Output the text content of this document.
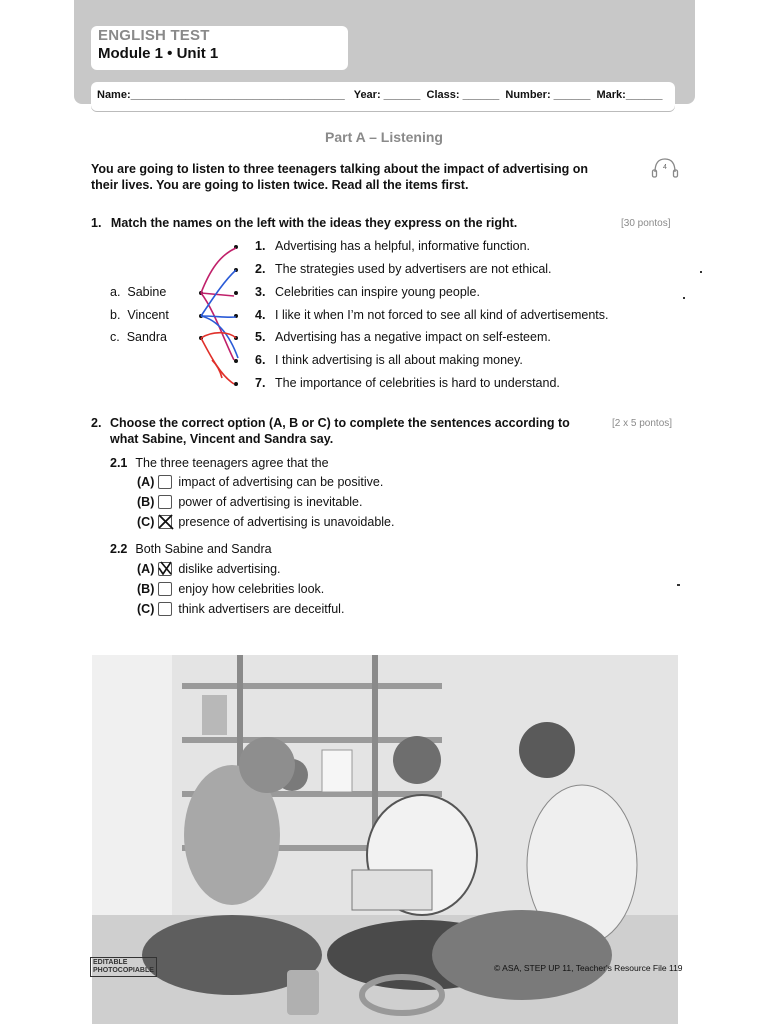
ENGLISH TEST
Module 1 • Unit 1
Name:___________________________________   Year: ______  Class: ______  Number: ______  Mark:______
Part A – Listening
You are going to listen to three teenagers talking about the impact of advertising on their lives. You are going to listen twice. Read all the items first.
4
1. Match the names on the left with the ideas they express on the right.	[30 pontos]
a. Sabine
b. Vincent
c. Sandra
1. Advertising has a helpful, informative function.
2. The strategies used by advertisers are not ethical.
3. Celebrities can inspire young people.
4. I like it when I’m not forced to see all kind of advertisements.
5. Advertising has a negative impact on self-esteem.
6. I think advertising is all about making money.
7. The importance of celebrities is hard to understand.
2. Choose the correct option (A, B or C) to complete the sentences according to what Sabine, Vincent and Sandra say.
[2 x 5 pontos]
2.1 The three teenagers agree that the
(A) impact of advertising can be positive.
(B) power of advertising is inevitable.
(C) presence of advertising is unavoidable.
2.2 Both Sabine and Sandra
(A) dislike advertising.
(B) enjoy how celebrities look.
(C) think advertisers are deceitful.
EDITABLE
PHOTOCOPIABLE	© ASA, STEP UP 11, Teacher's Resource File 119
